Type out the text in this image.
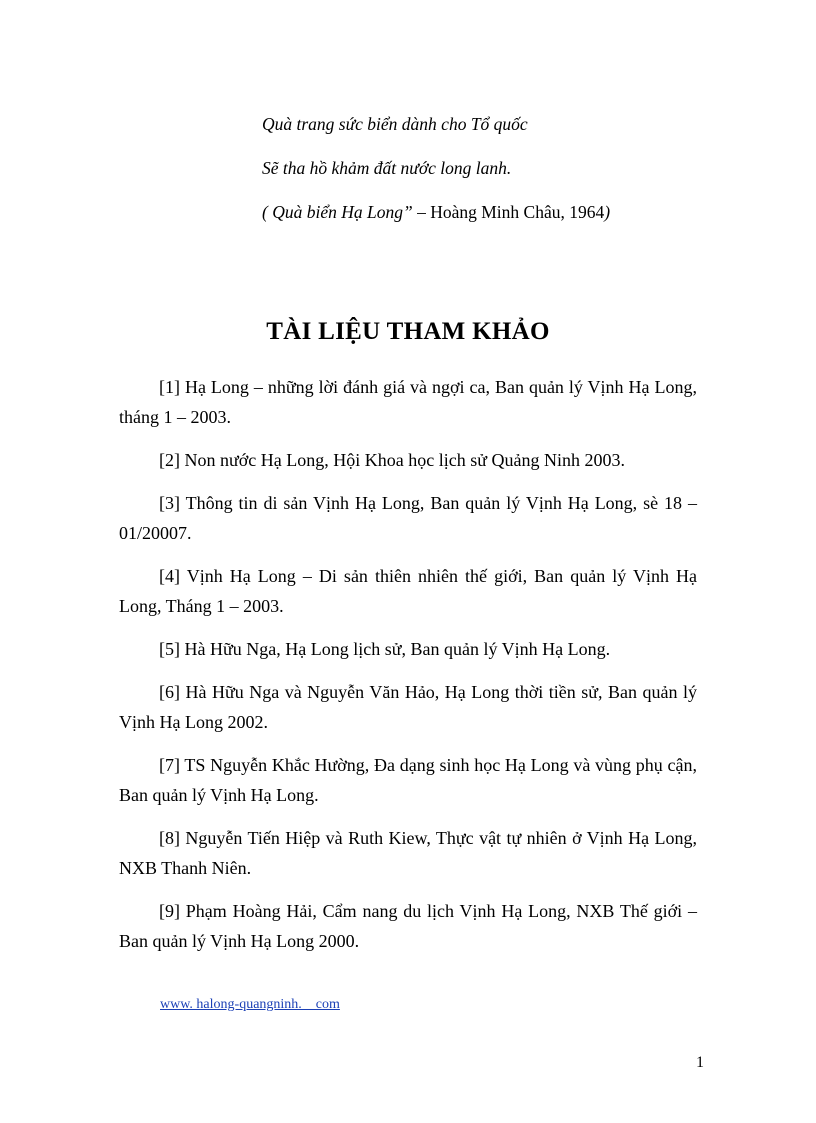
Quà trang sức biển dành cho Tổ quốc
Sẽ tha hồ khảm đất nước long lanh.
( Quà biển Hạ Long” – Hoàng Minh Châu, 1964)
TÀI LIỆU THAM KHẢO

[1] Hạ Long – những lời đánh giá và ngợi ca, Ban quản lý Vịnh Hạ Long, tháng 1 – 2003.

[2] Non nước Hạ Long, Hội Khoa học lịch sử Quảng Ninh 2003.

[3] Thông tin di sản Vịnh Hạ Long, Ban quản lý Vịnh Hạ Long, sè 18 – 01/20007.

[4] Vịnh Hạ Long – Di sản thiên nhiên thế giới, Ban quản lý Vịnh Hạ Long, Tháng 1 – 2003.

[5] Hà Hữu Nga, Hạ Long lịch sử, Ban quản lý Vịnh Hạ Long.

[6] Hà Hữu Nga và Nguyễn Văn Hảo, Hạ Long thời tiền sử, Ban quản lý Vịnh Hạ Long 2002.

[7] TS Nguyễn Khắc Hường, Đa dạng sinh học Hạ Long và vùng phụ cận, Ban quản lý Vịnh Hạ Long.

[8] Nguyễn Tiến Hiệp và Ruth Kiew, Thực vật tự nhiên ở Vịnh Hạ Long, NXB Thanh Niên.

[9] Phạm Hoàng Hải, Cẩm nang du lịch Vịnh Hạ Long, NXB Thế giới – Ban quản lý Vịnh Hạ Long 2000.

www. halong-quangninh.    com
1
